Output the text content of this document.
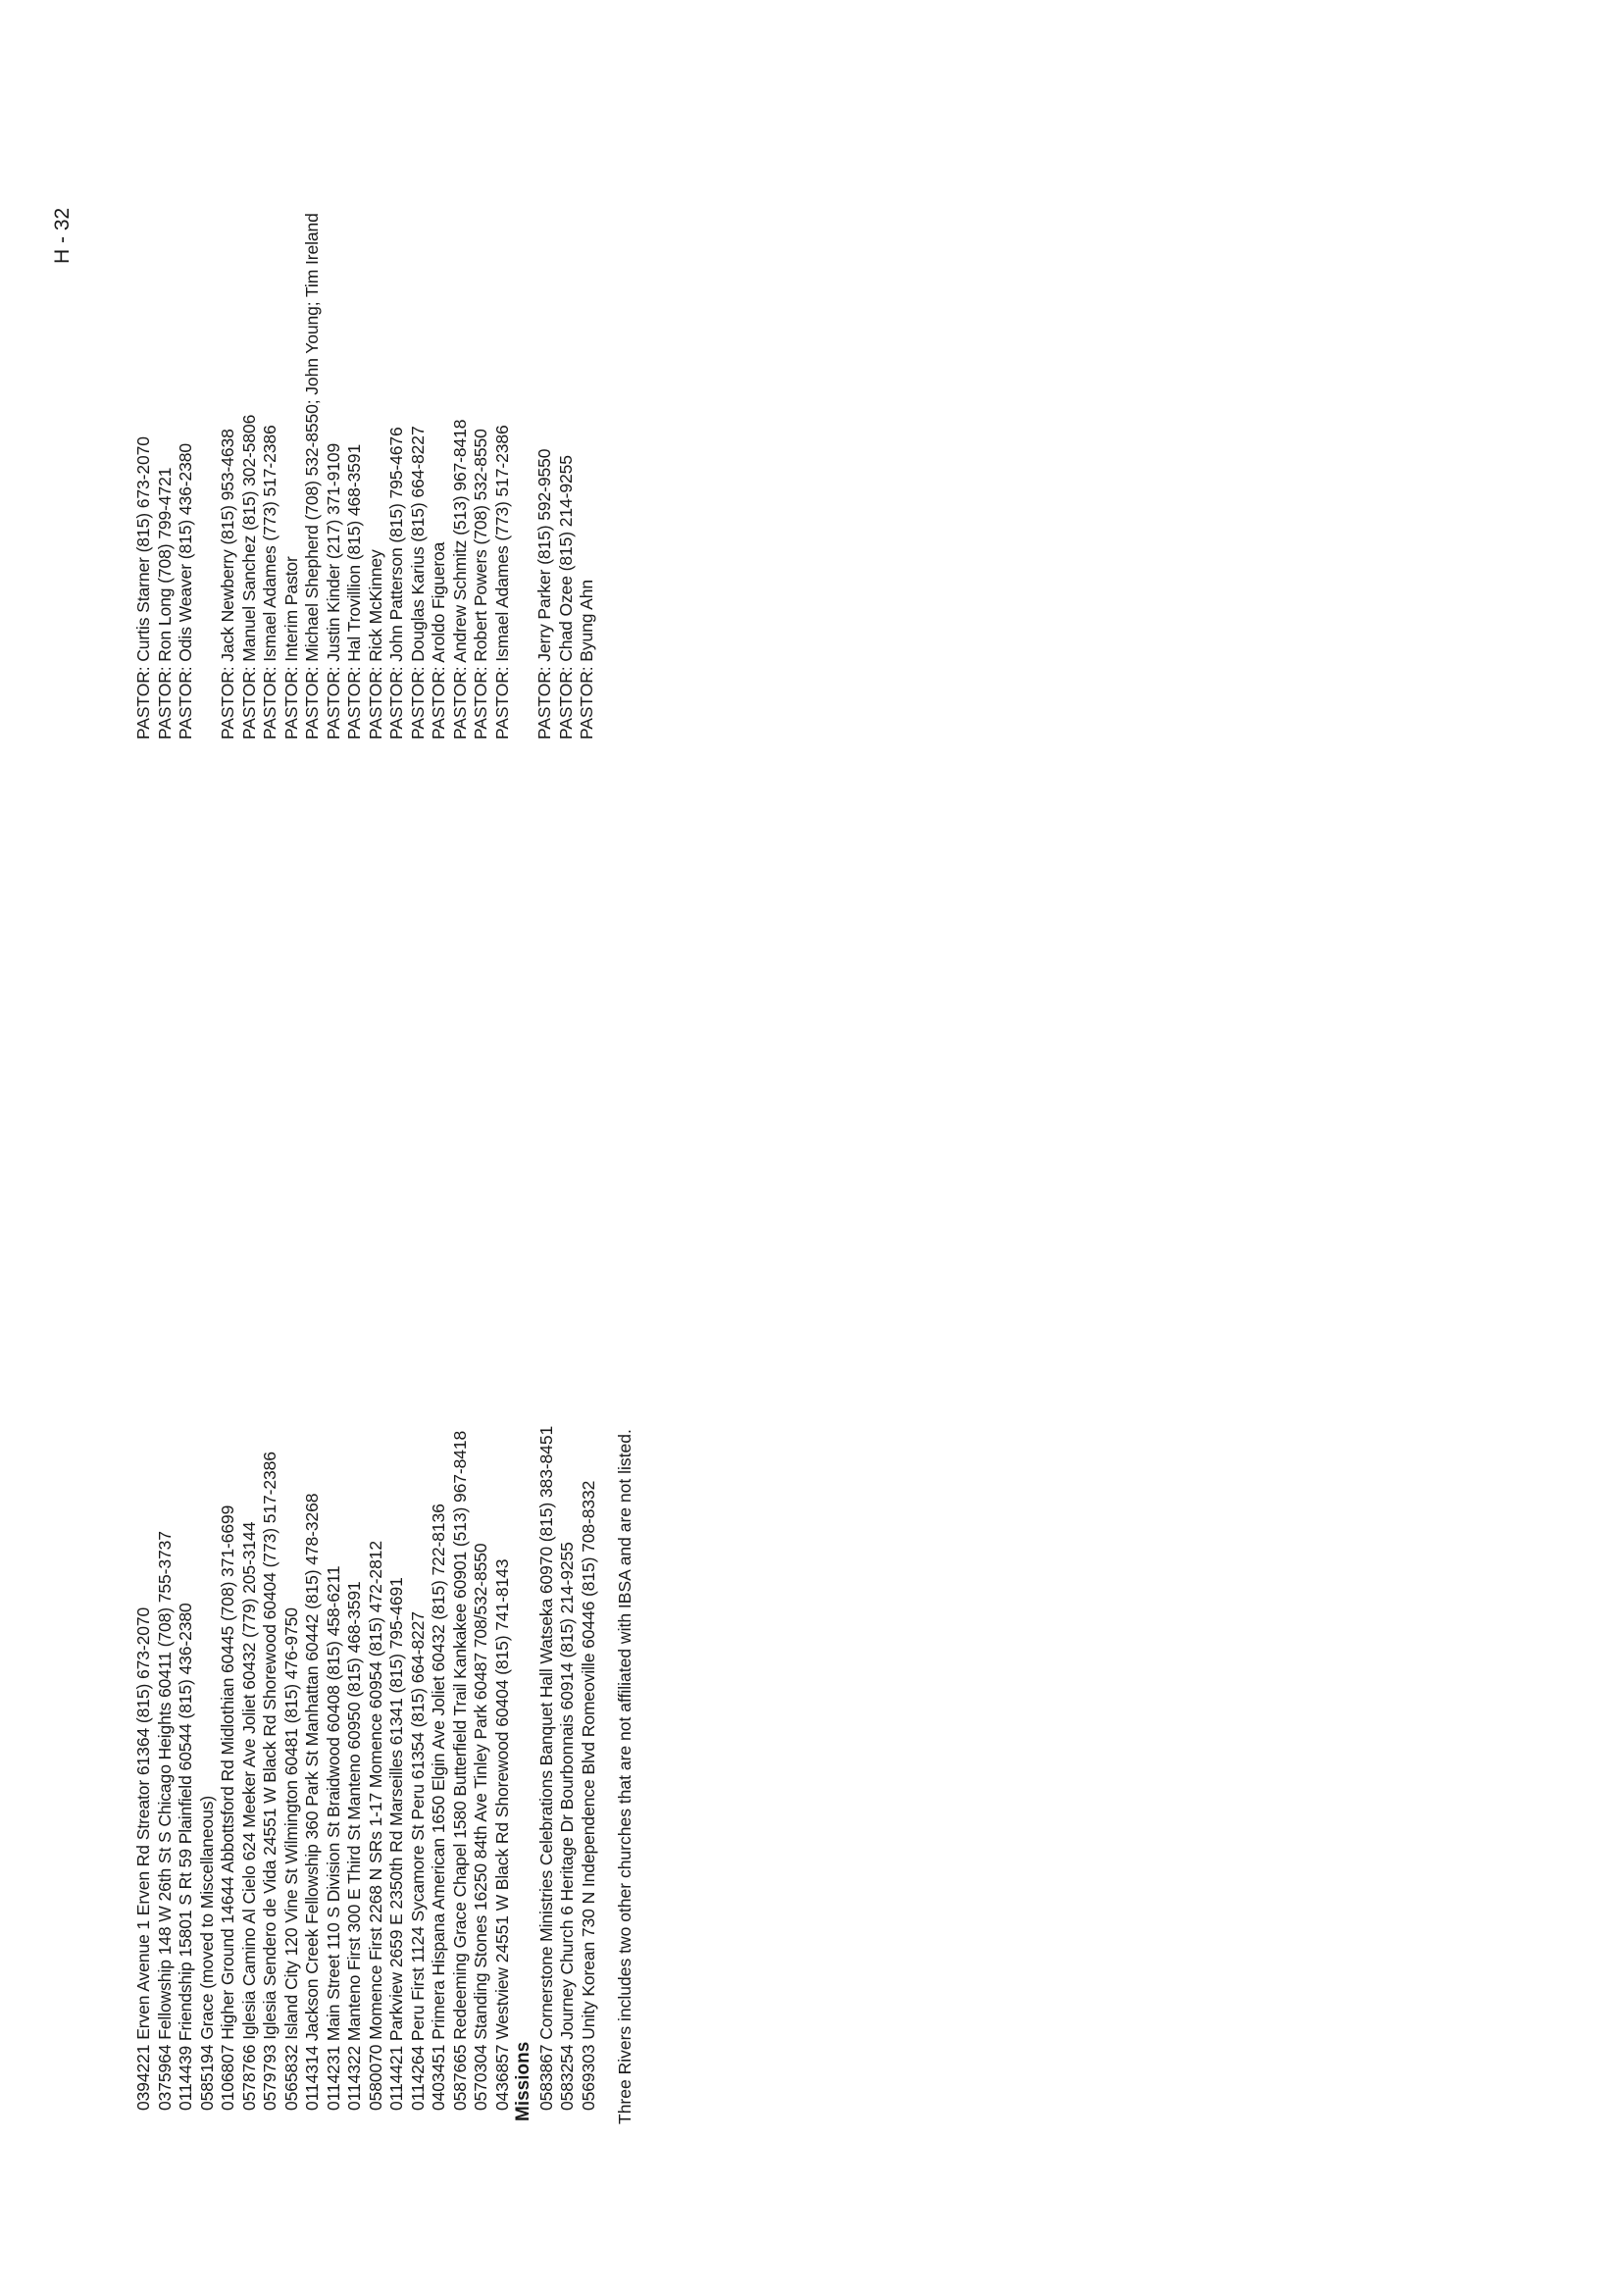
H - 32
0394221 Erven Avenue 1 Erven Rd Streator 61364 (815) 673-2070 0375964 Fellowship 148 W 26th St S Chicago Heights 60411 (708) 755-3737 0114439 Friendship 15801 S Rt 59 Plainfield 60544 (815) 436-2380 0585194 Grace (moved to Miscellaneous) 0106807 Higher Ground 14644 Abbottsford Rd Midlothian 60445 (708) 371-6699 0578766 Iglesia Camino Al Cielo 624 Meeker Ave Joliet 60432 (779) 205-3144 0579793 Iglesia Sendero de Vida 24551 W Black Rd Shorewood 60404 (773) 517-2386 0565832 Island City 120 Vine St Wilmington 60481 (815) 476-9750 0114314 Jackson Creek Fellowship 360 Park St Manhattan 60442 (815) 478-3268 0114231 Main Street 110 S Division St Braidwood 60408 (815) 458-6211 0114322 Manteno First 300 E Third St Manteno 60950 (815) 468-3591 0580070 Momence First 2268 N SRs 1-17 Momence 60954 (815) 472-2812 0114421 Parkview 2659 E 2350th Rd Marseilles 61341 (815) 795-4691 0114264 Peru First 1124 Sycamore St Peru 61354 (815) 664-8227 0403451 Primera Hispana American 1650 Elgin Ave Joliet 60432 (815) 722-8136 0587665 Redeeming Grace Chapel 1580 Butterfield Trail Kankakee 60901 (513) 967-8418 0570304 Standing Stones 16250 84th Ave Tinley Park 60487 708/532-8550 0436857 Westview 24551 W Black Rd Shorewood 60404 (815) 741-8143 Missions 0583867 Cornerstone Ministries Celebrations Banquet Hall Watseka 60970 (815) 383-8451 0583254 Journey Church 6 Heritage Dr Bourbonnais 60914 (815) 214-9255 0569303 Unity Korean 730 N Independence Blvd Romeoville 60446 (815) 708-8332 Three Rivers includes two other churches that are not affiliated with IBSA and are not listed.
PASTOR: Curtis Starner (815) 673-2070 PASTOR: Ron Long (708) 799-4721 PASTOR: Odis Weaver (815) 436-2380 PASTOR: Jack Newberry (815) 953-4638 PASTOR: Manuel Sanchez (815) 302-5806 PASTOR: Ismael Adames (773) 517-2386 PASTOR: Interim Pastor PASTOR: Michael Shepherd (708) 532-8550; John Young; Tim Ireland PASTOR: Justin Kinder (217) 371-9109 PASTOR: Hal Trovillion (815) 468-3591 PASTOR: Rick McKinney PASTOR: John Patterson (815) 795-4676 PASTOR: Douglas Karius (815) 664-8227 PASTOR: Aroldo Figueroa PASTOR: Andrew Schmitz (513) 967-8418 PASTOR: Robert Powers (708) 532-8550 PASTOR: Ismael Adames (773) 517-2386 PASTOR: Jerry Parker (815) 592-9550 PASTOR: Chad Ozee (815) 214-9255 PASTOR: Byung Ahn
